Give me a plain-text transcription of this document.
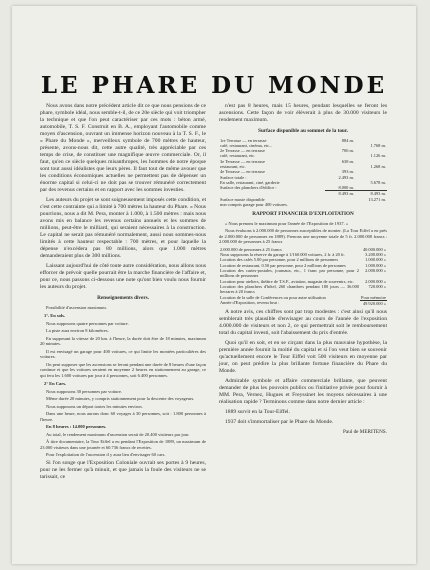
LE PHARE DU MONDE

Nous avons dans notre précédent article dit ce que nous pensions de ce phare, symbole idéal, nous semble-t-il, de ce 20e siècle qui voit triompher la technique et que l'on peut caractériser par ces mots : béton armé, automobile, T. S. F. Construit en B. A., employant l'automobile comme moyen d'ascension, ouvrant un immense horizon nouveau à la T. S. F., le « Phare du Monde », merveilleux symbole de 700 mètres de hauteur, présente, avons-nous dit, cette autre qualité, très appréciable par ces temps de crise, de constituer une magnifique œuvre commerciale. Or, il faut, qu'en ce siècle quelques misanthropes, les hommes de notre époque sont tout aussi idéalistes que leurs pères. Il faut tout de même avouer que les conditions économiques actuelles ne permettent pas de dépenser un énorme capital si celui-ci ne doit pas se trouver rémunéré correctement par des revenus certains et en rapport avec les sommes investies.

Les auteurs du projet se sont soigneusement imposés cette condition, et c'est cette contrainte qui a limité à 700 mètres la hauteur du Phare. « Nous pourrions, nous a dit M. Pera, monter à 1.000, à 1.500 mètres : mais nous avons mis en balance les revenus certains annuels et les sommes de millions, peut-être le milliard, qui seraient nécessaires à la construction. Le capital ne serait pas rémunéré normalement, aussi nous sommes-nous limités à cette hauteur respectable : 700 mètres, et pour laquelle la dépense n'excédera pas 80 millions, alors que 1.000 mètres demanderaient plus de 300 millions.

Laissant aujourd'hui de côté toute autre considération, nous allons nous efforcer de prévoir quelle pourrait être la marche financière de l'affaire et, pour ce, nous passons ci-dessous une note qu'ont bien voulu nous fournir les auteurs du projet.

Renseignements divers.

Possibilité d'ascension maximum.

1°. En sols.

Nous supposons quatre personnes par voiture.

La piste aura environ 8 kilomètres.

En supposant la vitesse de 20 km. à l'heure, la durée doit être de 18 minutes, maximum 20 minutes.

Il est envisagé un garage pour 400 voitures, ce qui limite les montées particulières des voitures.

On peut supposer que les ascensions se feront pendant une durée de 8 heures d'une façon continue et que les voitures seraient en moyenne 2 heures en stationnement au garage, ce qui fera les 1.600 voitures par jour à 4 personnes, soit 6.400 personnes.

2° En Cars.

Nous supposons 30 personnes par voiture.

Même durée 20 minutes, y compris stationnement pour la descente des voyageurs.

Nous supposons un départ toutes les minutes environ.

Dans une heure, nous aurons donc 60 voyages à 30 personnes, soit : 1.800 personnes à l'heure.

En 8 heures : 14.000 personnes.

Au total, le rendement maximum d'ascension serait de 20.400 visiteurs par jour.

À titre documentaire, la Tour Eiffel a eu pendant l'Exposition de 1889, un maximum de 23.000 visiteurs dans une journée et 60.736 francs de recettes.

Pour l'exploitation de l'ascension il y aura lieu d'envisager 60 cars.

Si l'on songe que l'Exposition Coloniale ouvrait ses portes à 9 heures, pour ne les fermer qu'à minuit, et que jamais la foule des visiteurs ne se tarissait, ce

n'est pas 8 heures, mais 15 heures, pendant lesquelles se feront les ascensions. Cette façon de voir élèverait à plus de 30.000 visiteurs le rendement maximum.

Surface disponible au sommet de la tour.
1re Terrasse — en terrasse	884 m.	
café, restaurant, cinéma, etc...		1.768 m.
2e Terrasse — en terrasse	706 m.	
café, restaurant, etc.		1.126 m.
3e Terrasse — en terrasse	638 m.	
restaurant, etc.		1.268 m.
4e Terrasse — en terrasse	393 m.	
Surface totale :	2.493 m.	
En salle, restaurant, ciné, garderie		5.678 m.
Surface des planchers d'édifice :	8.000 m.	
	8.493 m.	8.493 m.
Surface maxie disponible		13.271 m.
non compris garage pour 400 voitures.		
RAPPORT FINANCIER D'EXPLOITATION

« Nous prenons le maximum pour l'année de l'Exposition de 1937. »

Nous évaluons à 2.000.000 de personnes susceptibles de monter. (La Tour Eiffel a eu près de 2.000.000 de personnes en 1889). Prenons une moyenne totale de 5 fr. 2.000.000 francs : 2.000.000 de personnes à 25 francs

2.000.000 de personnes à 25 francs	40.000.000 »
Nous supposons la réserve du garage à 1/160.000 voitures, 2 fr. à 20 fr.	3.200.000 »
Location des cafés 5.00 par personne, pour 2 millions de personnes	1.000.000 »
Location de restaurant, 0.50 par personne, pour 2 millions de personnes	1.000.000 »
Location des cartes-postales, journaux, etc., 1 franc par personne, pour 2 millions de personnes	2.000.000 »
Location pour ateliers, théâtre de T.S.F., aviation, magasin de souvenirs, etc.	2.000.000 »
Location des planchers d'hôtel, 260 chambres pendant 180 jours — 36.000 hectares à 20 francs	720.000 »
Location de la salle de Conférences ou pour autre utilisation	Pour mémoire
Année d'Exposition, revenu brut :	49.920.000 »

A notre avis, ces chiffres sont par trop modestes : c'est ainsi qu'il nous semblerait très plausible d'envisager au cours de l'année de l'exposition 4.000.000 de visiteurs et non 2, ce qui permettrait soit le remboursement total du capital investi, soit l'abaissement du prix d'entrée.

Quoi qu'il en soit, et en se cirçant dans la plus mauvaise hypothèse, la première année fournit la moitié du capital et si l'on veut bien se souvenir qu'actuellement encore le Tour Eiffel voit 500 visiteurs en moyenne par jour, on peut prédire la plus brillante fortune financière du Phare du Monde.

Admirable symbole et affaire commerciale brillante, que peuvent demander de plus les pouvoirs publics ou l'initiative privée pour fournir à MM. Pera, Vernez, Hugues et Freyssinet les moyens nécessaires à une réalisation rapide ? Terminons comme dans notre dernier article :

1889 survit en la Tour-Eiffel.

1937 doit s'immortaliser par le Phare du Monde.

Paul de MERITENS.
